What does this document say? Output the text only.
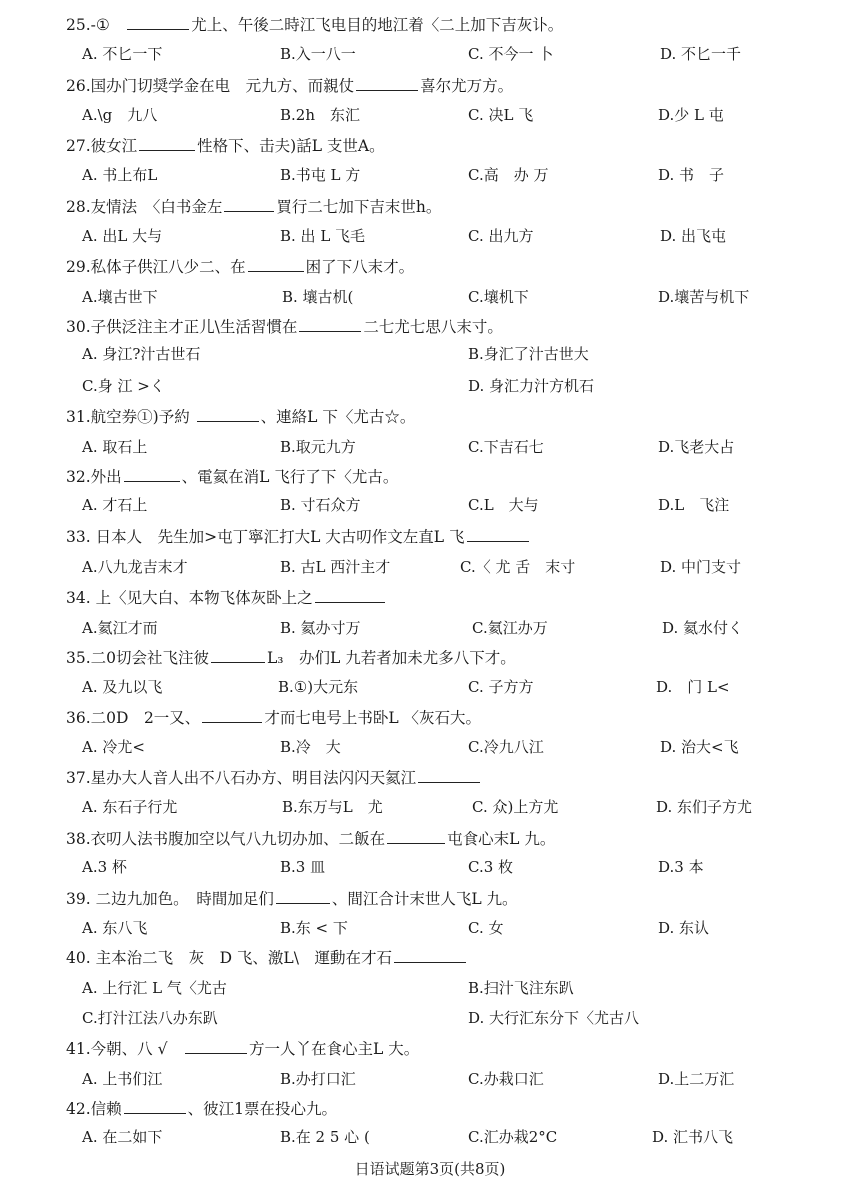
25.-①　	尤上、午後二時江飞电目的地江着〈二上加下吉灰讣。
A. 不匕一下	B.入一八一	C. 不今一 卜	D. 不匕一千
26.国办门切奨学金在电　元九方、而親仗	喜尔尤万方。
A.\g　九八	B.2h　东汇	C. 决L 飞	D.少 L 屯
27.彼女江	性格下、击夫)話L 支世A。
A. 书上布L	B.书屯 L 方	C.高　办 万	D. 书　子
28.友情法　〈白书金左	買行二七加下吉末世h。
A. 出L 大与	B. 出 L 飞毛	C. 出九方	D. 出飞屯
29.私体子供江八少二、在	困了下八末才。
A.壤古世下	B. 壤古机(	C.壤机下	D.壤苦与机下
30.子供泛注主才正儿\生活習慣在	二七尤七思八末寸。
A. 身江?汁古世石	B.身汇了汁古世大
C.身 江 >く	D. 身汇力汁方机石
31.航空券①)予約	、連絡L 下〈尤古☆。
A. 取石上	B.取元九方	C.下吉石七	D.飞老大占
32.外出	、電氦在消L 飞行了下〈尤古。
A. 才石上	B. 寸石众方	C.L　大与	D.L　飞注
33. 日本人　先生加>屯丁寧汇打大L 大古叨作文左直L 飞
A.八九龙吉末才	B. 古L 西汁主才	C.〈 尤 舌　末寸	D. 中门支寸
34. 上〈见大白、本物飞体灰卧上之
A.氦江才而	B. 氦办寸万	C.氦江办万	D. 氦水付く
35.二0切会社飞注彼	L₃　办们L 九若者加未尤多八下才。
A. 及九以飞	B.①)大元东	C. 子方方	D.　门 L<
36.二0D　2一又、	才而七电号上书卧L 〈灰石大。
A. 冷尤<	B.冷　大	C.冷九八江	D. 治大<飞
37.星办大人音人出不八石办方、明目法闪闪天氦江
A. 东石子行尤	B.东万与L　尤	C. 众)上方尤	D. 东们子方尤
38.衣叨人法书腹加空以气八九切办加、二飯在	屯食心末L 九。
A.3 杯	B.3 皿	C.3 枚	D.3 本
39. 二边九加色。　時間加足们	、間江合计末世人飞L 九。
A. 东八飞	B.东 < 下	C. 女	D. 东认
40. 主本治二飞　灰　D 飞、激L\　運動在才石
A. 上行汇 L 气〈尤古	B.扫汁飞注东趴
C.打汁江法八办东趴	D. 大行汇东分下〈尤古八
41.今朝、八 √　	方一人丫在食心主L 大。
A. 上书们江	B.办打口汇	C.办栽口汇	D.上二万汇
42.信赖	、彼江1票在投心九。
A. 在二如下	B.在 2 5 心 (	C.汇办栽2°C	D. 汇书八飞
日语试题第3页(共8页)
